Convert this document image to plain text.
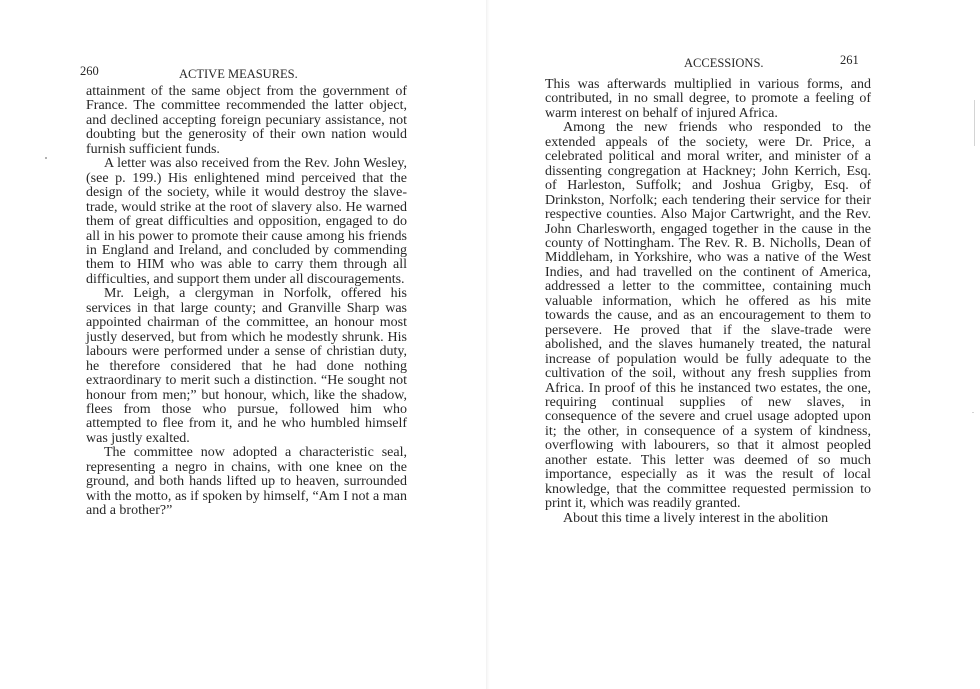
260	ACTIVE MEASURES.

attainment of the same object from the government of France. The committee recommended the latter object, and declined accepting foreign pecuniary assistance, not doubting but the generosity of their own nation would furnish sufficient funds.

A letter was also received from the Rev. John Wesley, (see p. 199.) His enlightened mind perceived that the design of the society, while it would destroy the slave-trade, would strike at the root of slavery also. He warned them of great difficulties and opposition, engaged to do all in his power to promote their cause among his friends in England and Ireland, and concluded by commending them to HIM who was able to carry them through all difficulties, and support them under all discouragements.

Mr. Leigh, a clergyman in Norfolk, offered his services in that large county; and Granville Sharp was appointed chairman of the committee, an honour most justly deserved, but from which he modestly shrunk. His labours were performed under a sense of christian duty, he therefore considered that he had done nothing extraordinary to merit such a distinction. “He sought not honour from men;” but honour, which, like the shadow, flees from those who pursue, followed him who attempted to flee from it, and he who humbled himself was justly exalted.

The committee now adopted a characteristic seal, representing a negro in chains, with one knee on the ground, and both hands lifted up to heaven, surrounded with the motto, as if spoken by himself, “Am I not a man and a brother?”

ACCESSIONS.	261

This was afterwards multiplied in various forms, and contributed, in no small degree, to promote a feeling of warm interest on behalf of injured Africa.

Among the new friends who responded to the extended appeals of the society, were Dr. Price, a celebrated political and moral writer, and minister of a dissenting congregation at Hackney; John Kerrich, Esq. of Harleston, Suffolk; and Joshua Grigby, Esq. of Drinkston, Norfolk; each tendering their service for their respective counties. Also Major Cartwright, and the Rev. John Charlesworth, engaged together in the cause in the county of Nottingham. The Rev. R. B. Nicholls, Dean of Middleham, in Yorkshire, who was a native of the West Indies, and had travelled on the continent of America, addressed a letter to the committee, containing much valuable information, which he offered as his mite towards the cause, and as an encouragement to them to persevere. He proved that if the slave-trade were abolished, and the slaves humanely treated, the natural increase of population would be fully adequate to the cultivation of the soil, without any fresh supplies from Africa. In proof of this he instanced two estates, the one, requiring continual supplies of new slaves, in consequence of the severe and cruel usage adopted upon it; the other, in consequence of a system of kindness, overflowing with labourers, so that it almost peopled another estate. This letter was deemed of so much importance, especially as it was the result of local knowledge, that the committee requested permission to print it, which was readily granted.

About this time a lively interest in the abolition
